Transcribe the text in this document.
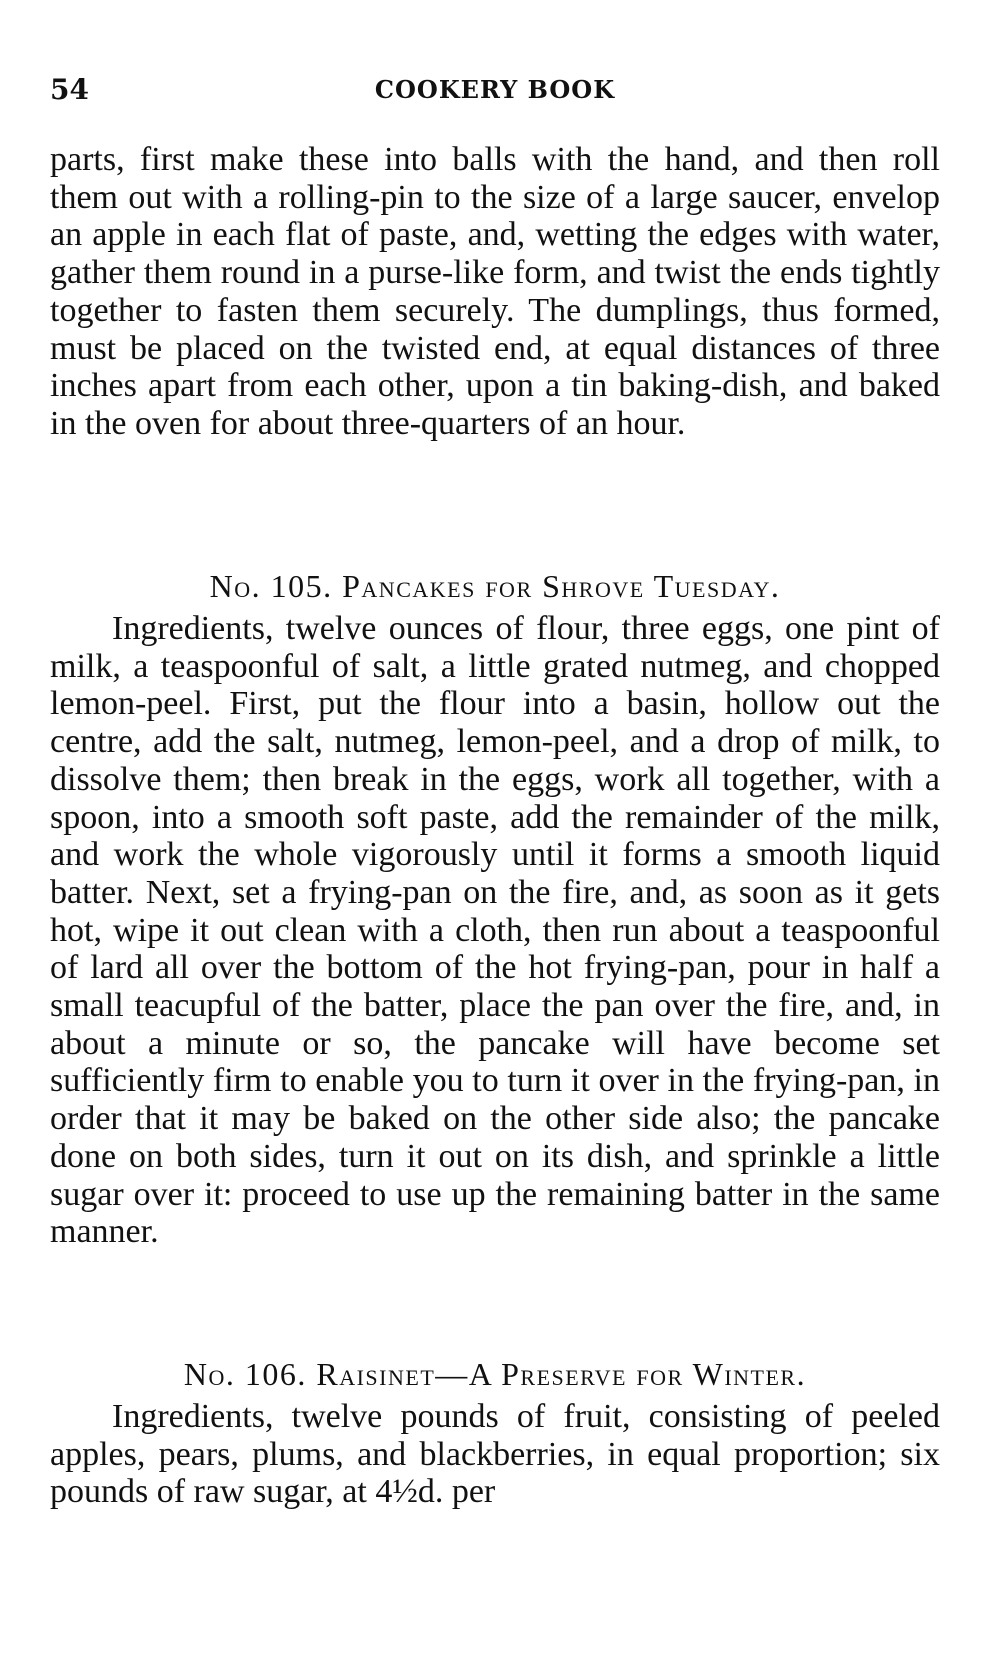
54	COOKERY BOOK

parts, first make these into balls with the hand, and then roll them out with a rolling-pin to the size of a large saucer, envelop an apple in each flat of paste, and, wetting the edges with water, gather them round in a purse-like form, and twist the ends tightly together to fasten them securely. The dumplings, thus formed, must be placed on the twisted end, at equal distances of three inches apart from each other, upon a tin baking-dish, and baked in the oven for about three-quarters of an hour.

No. 105. Pancakes for Shrove Tuesday.

Ingredients, twelve ounces of flour, three eggs, one pint of milk, a teaspoonful of salt, a little grated nutmeg, and chopped lemon-peel. First, put the flour into a basin, hollow out the centre, add the salt, nutmeg, lemon-peel, and a drop of milk, to dissolve them; then break in the eggs, work all together, with a spoon, into a smooth soft paste, add the remainder of the milk, and work the whole vigorously until it forms a smooth liquid batter. Next, set a frying-pan on the fire, and, as soon as it gets hot, wipe it out clean with a cloth, then run about a teaspoonful of lard all over the bottom of the hot frying-pan, pour in half a small teacupful of the batter, place the pan over the fire, and, in about a minute or so, the pancake will have become set sufficiently firm to enable you to turn it over in the frying-pan, in order that it may be baked on the other side also; the pancake done on both sides, turn it out on its dish, and sprinkle a little sugar over it: proceed to use up the remaining batter in the same manner.

No. 106. Raisinet—A Preserve for Winter.

Ingredients, twelve pounds of fruit, consisting of peeled apples, pears, plums, and blackberries, in equal proportion; six pounds of raw sugar, at 4½d. per
